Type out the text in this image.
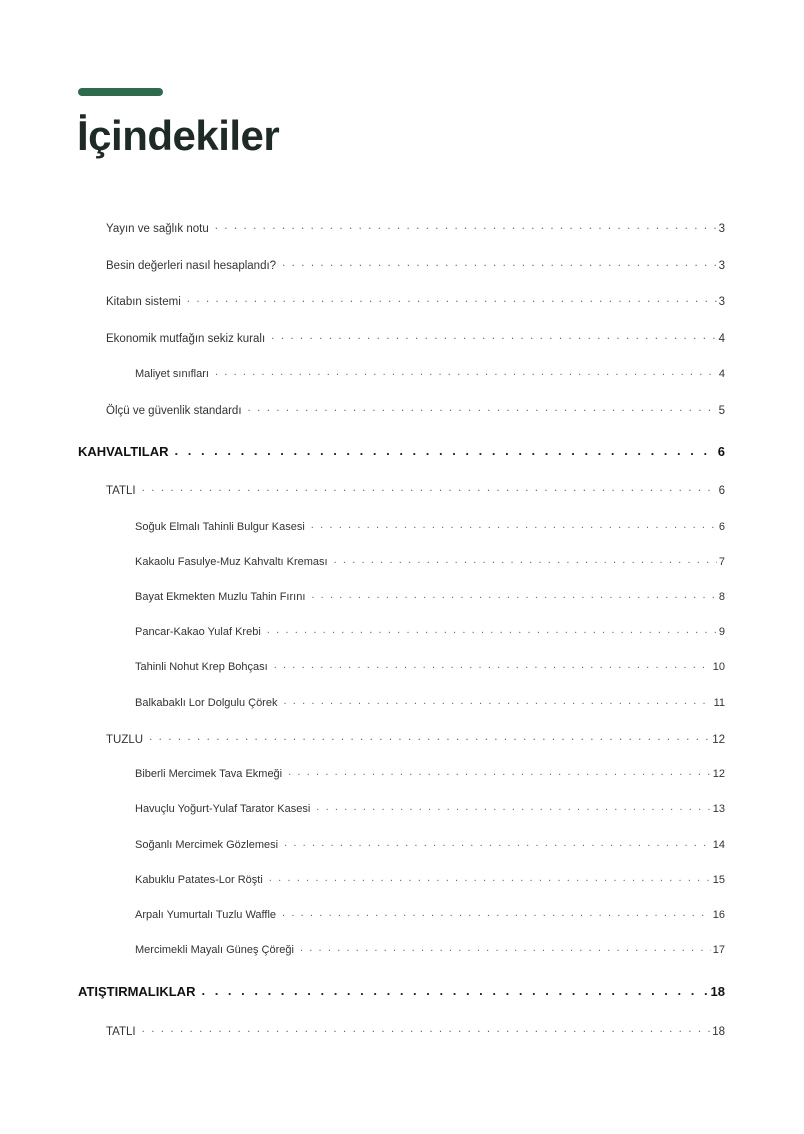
İçindekiler
Yayın ve sağlık notu . . .	3
Besin değerleri nasıl hesaplandı? . . .	3
Kitabın sistemi . . .	3
Ekonomik mutfağın sekiz kuralı . . .	4
Maliyet sınıfları . . .	4
Ölçü ve güvenlik standardı . . .	5
KAHVALTILAR . . .	6
TATLI . . .	6
Soğuk Elmalı Tahinli Bulgur Kasesi . . .	6
Kakaolu Fasulye-Muz Kahvaltı Kreması . . .	7
Bayat Ekmekten Muzlu Tahin Fırını . . .	8
Pancar-Kakao Yulaf Krebi . . .	9
Tahinli Nohut Krep Bohçası . . .	10
Balkabaklı Lor Dolgulu Çörek . . .	11
TUZLU . . .	12
Biberli Mercimek Tava Ekmeği . . .	12
Havuçlu Yoğurt-Yulaf Tarator Kasesi . . .	13
Soğanlı Mercimek Gözlemesi . . .	14
Kabuklu Patates-Lor Röşti . . .	15
Arpalı Yumurtalı Tuzlu Waffle . . .	16
Mercimekli Mayalı Güneş Çöreği . . .	17
ATIŞTIRMALIKLAR . . .	18
TATLI . . .	18
